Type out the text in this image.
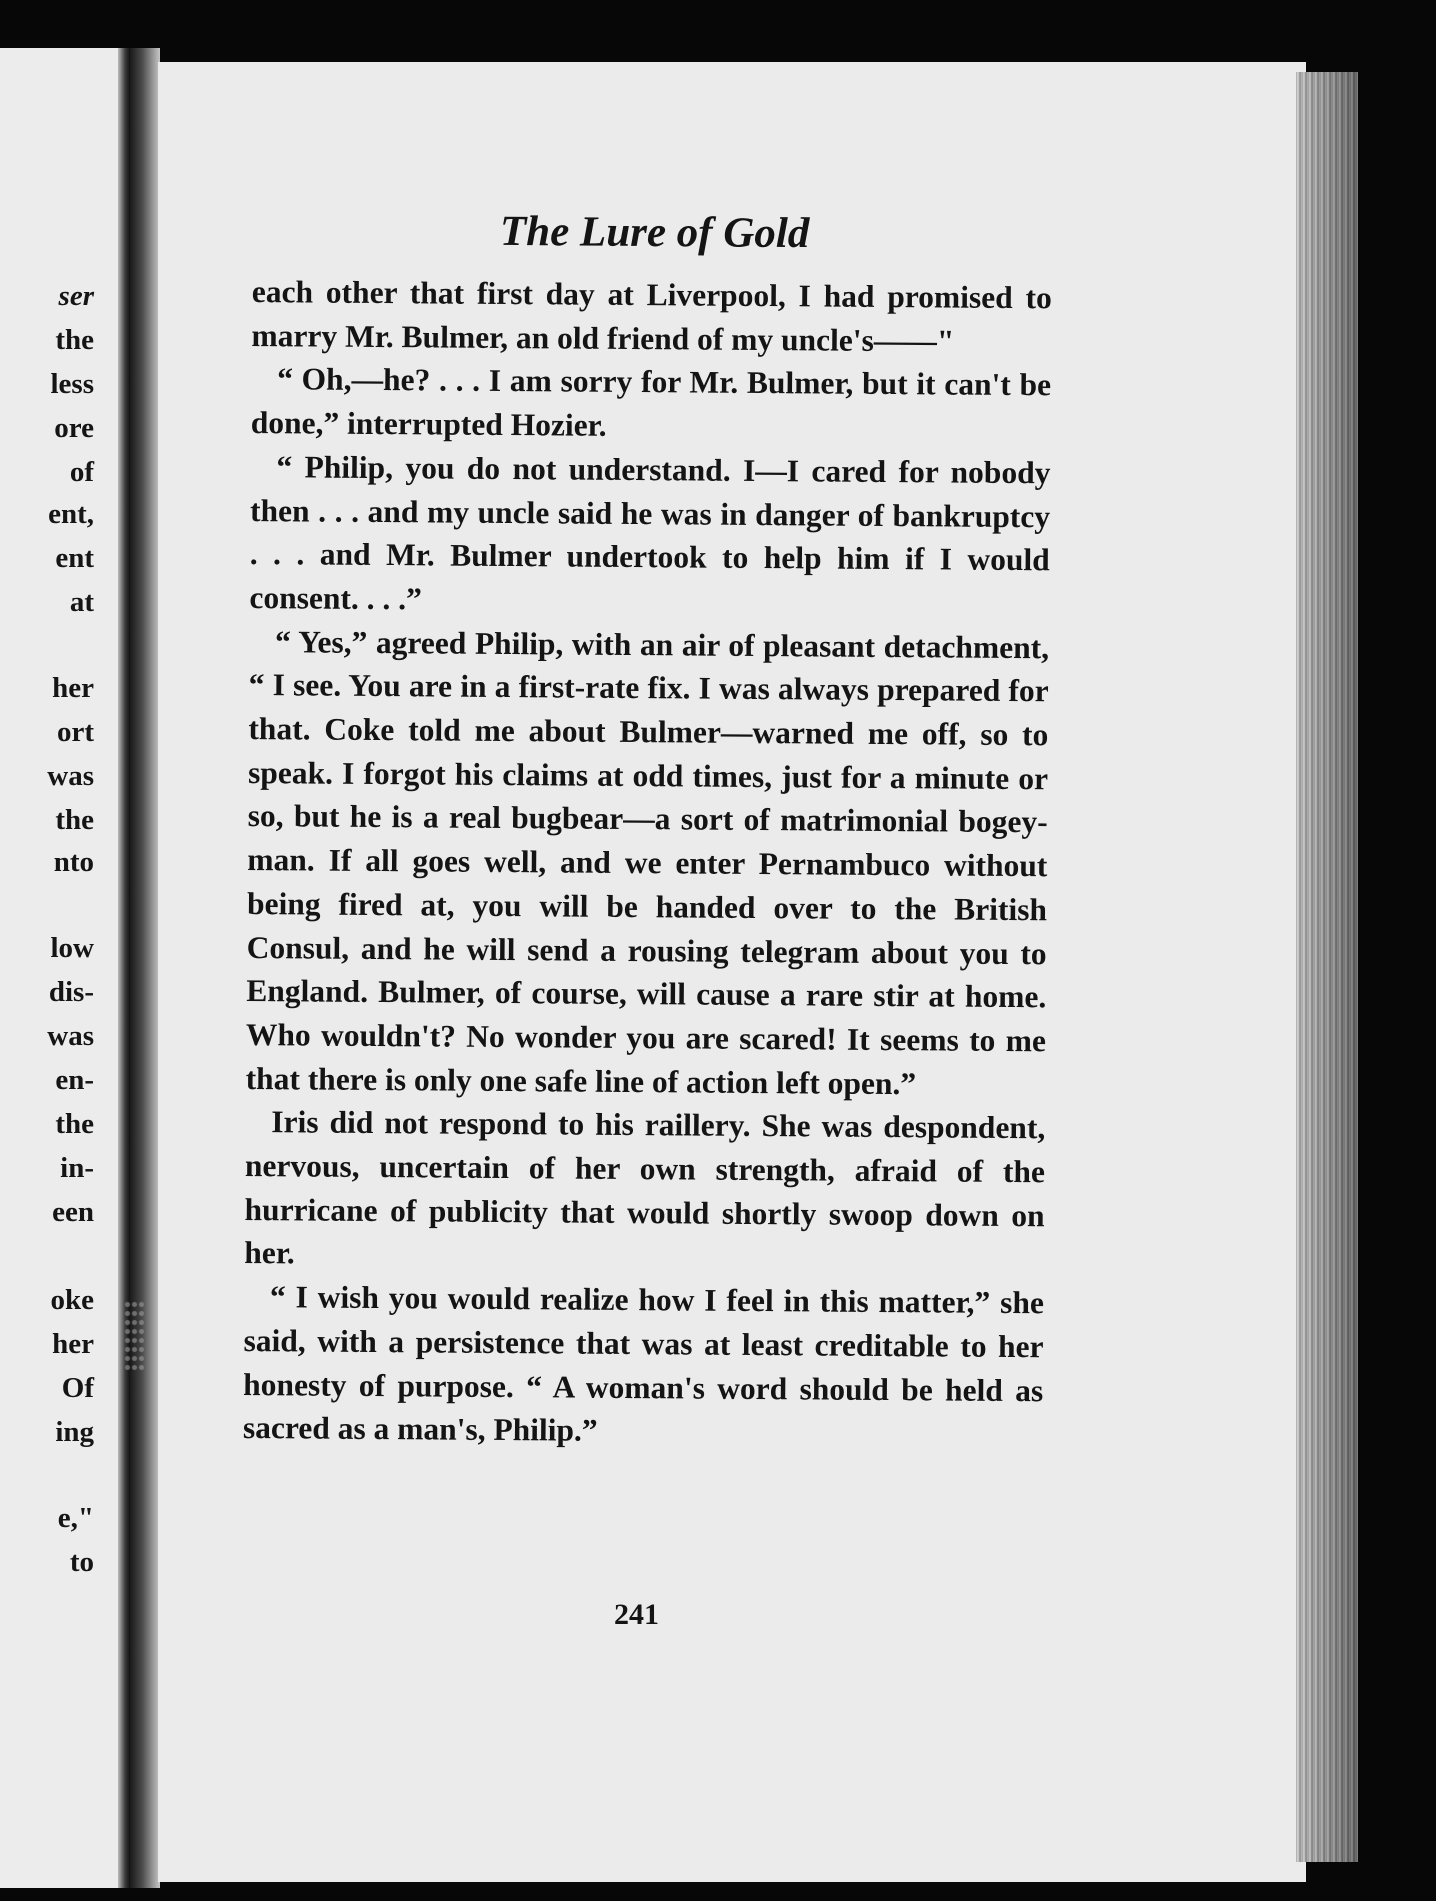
ser
the
less
ore
of
ent,
ent
at
her
ort
was
the
nto
low
dis-
was
en-
the
in-
een
oke
her
Of
ing
e,"
to
The Lure of Gold

each other that first day at Liverpool, I had promised to marry Mr. Bulmer, an old friend of my uncle's——"

“ Oh,—he? . . . I am sorry for Mr. Bulmer, but it can't be done,” interrupted Hozier.

“ Philip, you do not understand. I—I cared for nobody then . . . and my uncle said he was in danger of bankruptcy . . . and Mr. Bulmer undertook to help him if I would consent. . . .”

“ Yes,” agreed Philip, with an air of pleasant detachment, “ I see. You are in a first-rate fix. I was always prepared for that. Coke told me about Bulmer—warned me off, so to speak. I forgot his claims at odd times, just for a minute or so, but he is a real bugbear—a sort of matrimonial bogey-man. If all goes well, and we enter Pernambuco without being fired at, you will be handed over to the British Consul, and he will send a rousing telegram about you to England. Bulmer, of course, will cause a rare stir at home. Who wouldn't? No wonder you are scared! It seems to me that there is only one safe line of action left open.”

Iris did not respond to his raillery. She was despondent, nervous, uncertain of her own strength, afraid of the hurricane of publicity that would shortly swoop down on her.

“ I wish you would realize how I feel in this matter,” she said, with a persistence that was at least creditable to her honesty of purpose. “ A woman's word should be held as sacred as a man's, Philip.”

241
